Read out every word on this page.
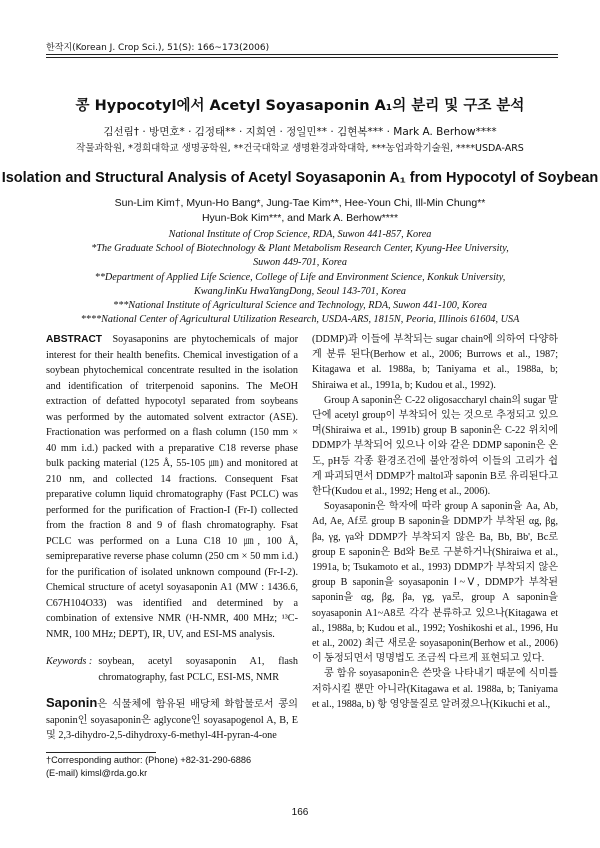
한작지(Korean J. Crop Sci.), 51(S): 166~173(2006)
콩 Hypocotyl에서 Acetyl Soyasaponin A₁의 분리 및 구조 분석
김선림† · 방면호* · 김정태** · 지희연 · 정일민** · 김현복*** · Mark A. Berhow****
작물과학원, *경희대학교 생명공학원, **건국대학교 생명환경과학대학, ***농업과학기술원, ****USDA-ARS
Isolation and Structural Analysis of Acetyl Soyasaponin A₁ from Hypocotyl of Soybean
Sun-Lim Kim†, Myun-Ho Bang*, Jung-Tae Kim**, Hee-Youn Chi, Ill-Min Chung**
Hyun-Bok Kim***, and Mark A. Berhow****
National Institute of Crop Science, RDA, Suwon 441-857, Korea
*The Graduate School of Biotechnology & Plant Metabolism Research Center, Kyung-Hee University,
Suwon 449-701, Korea
**Department of Applied Life Science, College of Life and Environment Science, Konkuk University,
KwangJinKu HwaYangDong, Seoul 143-701, Korea
***National Institute of Agricultural Science and Technology, RDA, Suwon 441-100, Korea
****National Center of Agricultural Utilization Research, USDA-ARS, 1815N, Peoria, Illinois 61604, USA
ABSTRACT Soyasaponins are phytochemicals of major interest for their health benefits. Chemical investigation of a soybean phytochemical concentrate resulted in the isolation and identification of triterpenoid saponins. The MeOH extraction of defatted hypocotyl separated from soybeans was performed by the automated solvent extractor (ASE). Fractionation was performed on a flash column (150 mm × 40 mm i.d.) packed with a preparative C18 reverse phase bulk packing material (125 Å, 55-105 ㎛) and monitored at 210 nm, and collected 14 fractions. Consequent Fsat preparative column liquid chromatography (Fast PCLC) was performed for the purification of Fraction-I (Fr-I) collected from the fraction 8 and 9 of flash chromatography. Fsat PCLC was performed on a Luna C18 10 ㎛, 100 Å, semipreparative reverse phase column (250 cm × 50 mm i.d.) for the purification of isolated unknown compound (Fr-I-2). Chemical structure of acetyl soyasaponin A1 (MW : 1436.6, C67H104O33) was identified and determined by a combination of extensive NMR (¹H-NMR, 400 MHz; ¹³C-NMR, 100 MHz; DEPT), IR, UV, and ESI-MS analysis.
Keywords : soybean, acetyl soyasaponin A1, flash chromatography, fast PCLC, ESI-MS, NMR
Saponin은 식물체에 함유된 배당체 화합물로서 콩의 saponin인 soyasaponin은 aglycone인 soyasapogenol A, B, E 및 2,3-dihydro-2,5-dihydroxy-6-methyl-4H-pyran-4-one
†Corresponding author: (Phone) +82-31-290-6886
(E-mail) kimsl@rda.go.kr

(DDMP)과 이들에 부착되는 sugar chain에 의하여 다양하게 분류 된다(Berhow et al., 2006; Burrows et al., 1987; Kitagawa et al. 1988a, b; Taniyama et al., 1988a, b; Shiraiwa et al., 1991a, b; Kudou et al., 1992).

Group A saponin은 C-22 oligosaccharyl chain의 sugar 말단에 acetyl group이 부착되어 있는 것으로 추정되고 있으며(Shiraiwa et al., 1991b) group B saponin은 C-22 위치에 DDMP가 부착되어 있으나 이와 같은 DDMP saponin은 온도, pH등 각종 환경조건에 불안정하여 이들의 고리가 쉽게 파괴되면서 DDMP가 maltol과 saponin B로 유리된다고 한다(Kudou et al., 1992; Heng et al., 2006).

Soyasaponin은 학자에 따라 group A saponin을 Aa, Ab, Ad, Ae, Af로 group B saponin을 DDMP가 부착된 αg, βg, βa, γg, γa와 DDMP가 부착되지 않은 Ba, Bb, Bb', Bc로 group E saponin은 Bd와 Be로 구분하거나(Shiraiwa et al., 1991a, b; Tsukamoto et al., 1993) DDMP가 부착되지 않은 group B saponin을 soyasaponin Ⅰ~Ⅴ, DDMP가 부착된 saponin을 αg, βg, βa, γg, γa로, group A saponin을 soyasaponin A1~A8로 각각 분류하고 있으나(Kitagawa et al., 1988a, b; Kudou et al., 1992; Yoshikoshi et al., 1996, Hu et al., 2002) 최근 새로운 soyasaponin(Berhow et al., 2006) 이 동정되면서 명명법도 조금씩 다르게 표현되고 있다.

콩 함유 soyasaponin은 쓴맛을 나타내기 때문에 식미를 저하시킬 뿐만 아니라(Kitagawa et al. 1988a, b; Taniyama et al., 1988a, b) 항 영양물질로 알려졌으나(Kikuchi et al.,

166
